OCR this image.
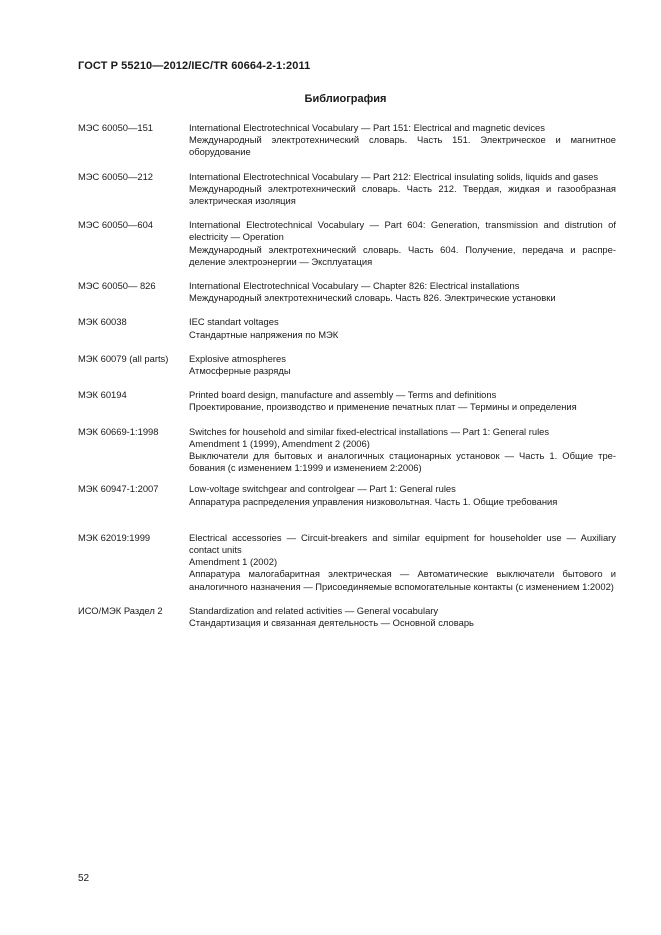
ГОСТ Р 55210—2012/IEC/TR 60664-2-1:2011
Библиография
МЭС 60050—151	International Electrotechnical Vocabulary — Part 151: Electrical and magnetic devices
Международный электротехнический словарь. Часть 151. Электрическое и магнитное оборудование
МЭС 60050—212	International Electrotechnical Vocabulary — Part 212: Electrical insulating solids, liquids and gases
Международный электротехнический словарь. Часть 212. Твердая, жидкая и газообразная электрическая изоляция
МЭС 60050—604	International Electrotechnical Vocabulary — Part 604: Generation, transmission and distrution of electricity — Operation
Международный электротехнический словарь. Часть 604. Получение, передача и распре-деление электроэнергии — Эксплуатация
МЭС 60050— 826	International Electrotechnical Vocabulary — Chapter 826: Electrical installations
Международный электротехнический словарь. Часть 826. Электрические установки
МЭК 60038	IEC standart voltages
Стандартные напряжения по МЭК
МЭК 60079 (all parts)	Explosive atmospheres
Атмосферные разряды
МЭК 60194	Printed board design, manufacture and assembly — Terms and definitions
Проектирование, производство и применение печатных плат — Термины и определения
МЭК 60669-1:1998	Switches for household and similar fixed-electrical installations — Part 1: General rules
Amendment 1 (1999), Amendment 2 (2006)
Выключатели для бытовых и аналогичных стационарных установок — Часть 1. Общие тре-бования (с изменением 1:1999 и изменением 2:2006)
МЭК 60947-1:2007	Low-voltage switchgear and controlgear — Part 1: General rules
Аппаратура распределения управления низковольтная. Часть 1. Общие требования
МЭК 62019:1999	Electrical accessories — Circuit-breakers and similar equipment for householder use — Auxiliary contact units
Amendment 1 (2002)
Аппаратура малогабаритная электрическая — Автоматические выключатели бытового и аналогичного назначения — Присоединяемые вспомогательные контакты (с изменением 1:2002)
ИСО/МЭК Раздел 2	Standardization and related activities — General vocabulary
Стандартизация и связанная деятельность — Основной словарь
52
